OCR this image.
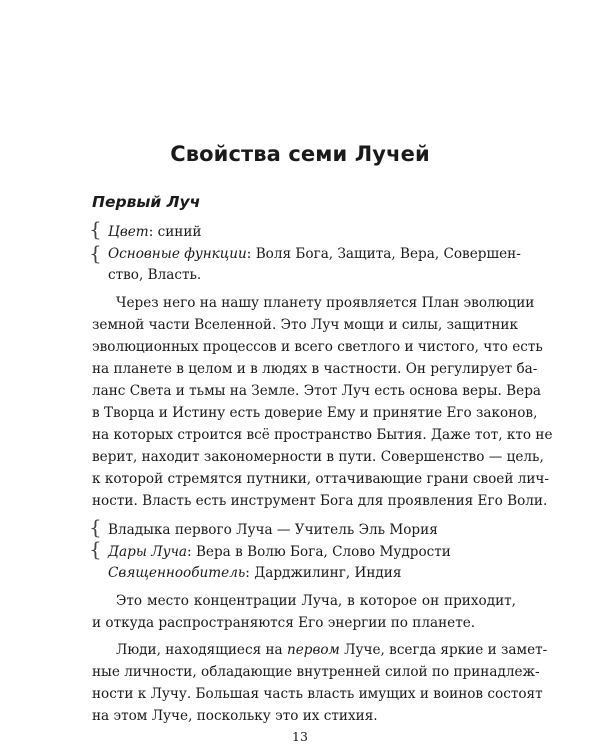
Свойства семи Лучей
Первый Луч
{
{
Цвет: синий
Основные функции: Воля Бога, Защита, Вера, Совершен-
ство, Власть.
Через него на нашу планету проявляется План эволюции
земной части Вселенной. Это Луч мощи и силы, защитник
эволюционных процессов и всего светлого и чистого, что есть
на планете в целом и в людях в частности. Он регулирует ба-
ланс Света и тьмы на Земле. Этот Луч есть основа веры. Вера
в Творца и Истину есть доверие Ему и принятие Его законов,
на которых строится всё пространство Бытия. Даже тот, кто не
верит, находит закономерности в пути. Совершенство — цель,
к которой стремятся путники, оттачивающие грани своей лич-
ности. Власть есть инструмент Бога для проявления Его Воли.
{
{
Владыка первого Луча — Учитель Эль Мория
Дары Луча: Вера в Волю Бога, Слово Мудрости
Священнообитель: Дарджилинг, Индия
Это место концентрации Луча, в которое он приходит,
и откуда распространяются Его энергии по планете.
Люди, находящиеся на первом Луче, всегда яркие и замет-
ные личности, обладающие внутренней силой по принадлеж-
ности к Лучу. Большая часть власть имущих и воинов состоят
13
на этом Луче, поскольку это их стихия.
